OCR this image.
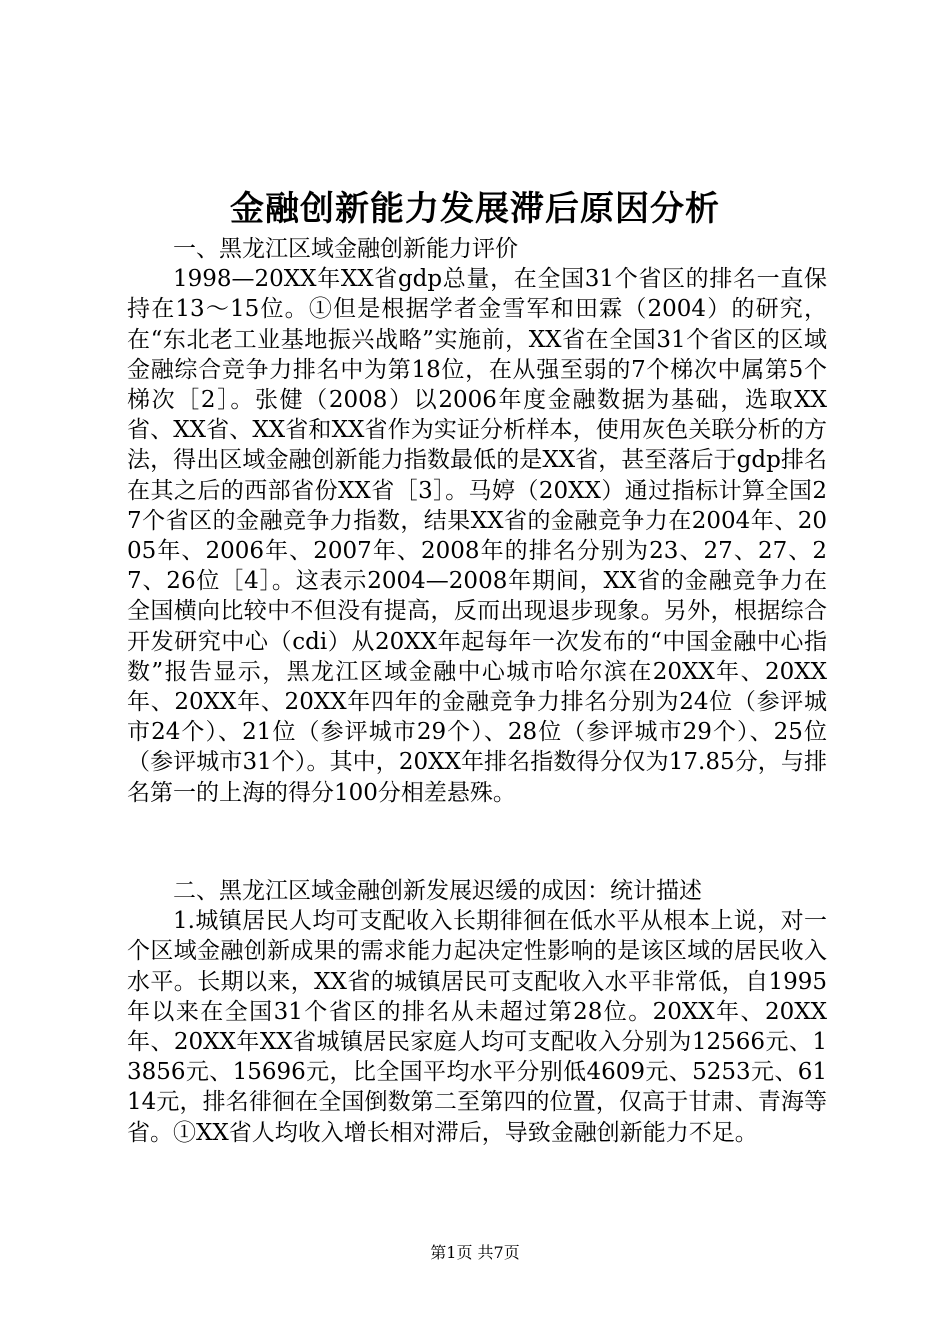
金融创新能力发展滞后原因分析

一、黑龙江区域金融创新能力评价

1998—20XX年XX省gdp总量，在全国31个省区的排名一直保持在13～15位。①但是根据学者金雪军和田霖（2004）的研究，在“东北老工业基地振兴战略”实施前，XX省在全国31个省区的区域金融综合竞争力排名中为第18位，在从强至弱的7个梯次中属第5个梯次［2］。张健（2008）以2006年度金融数据为基础，选取XX省、XX省、XX省和XX省作为实证分析样本，使用灰色关联分析的方法，得出区域金融创新能力指数最低的是XX省，甚至落后于gdp排名在其之后的西部省份XX省［3］。马婷（20XX）通过指标计算全国27个省区的金融竞争力指数，结果XX省的金融竞争力在2004年、2005年、2006年、2007年、2008年的排名分别为23、27、27、27、26位［4］。这表示2004—2008年期间，XX省的金融竞争力在全国横向比较中不但没有提高，反而出现退步现象。另外，根据综合开发研究中心（cdi）从20XX年起每年一次发布的“中国金融中心指数”报告显示，黑龙江区域金融中心城市哈尔滨在20XX年、20XX年、20XX年、20XX年四年的金融竞争力排名分别为24位（参评城市24个）、21位（参评城市29个）、28位（参评城市29个）、25位（参评城市31个）。其中，20XX年排名指数得分仅为17.85分，与排名第一的上海的得分100分相差悬殊。

二、黑龙江区域金融创新发展迟缓的成因：统计描述

1.城镇居民人均可支配收入长期徘徊在低水平从根本上说，对一个区域金融创新成果的需求能力起决定性影响的是该区域的居民收入水平。长期以来，XX省的城镇居民可支配收入水平非常低，自1995年以来在全国31个省区的排名从未超过第28位。20XX年、20XX年、20XX年XX省城镇居民家庭人均可支配收入分别为12566元、13856元、15696元，比全国平均水平分别低4609元、5253元、6114元，排名徘徊在全国倒数第二至第四的位置，仅高于甘肃、青海等省。①XX省人均收入增长相对滞后，导致金融创新能力不足。

第1页 共7页
